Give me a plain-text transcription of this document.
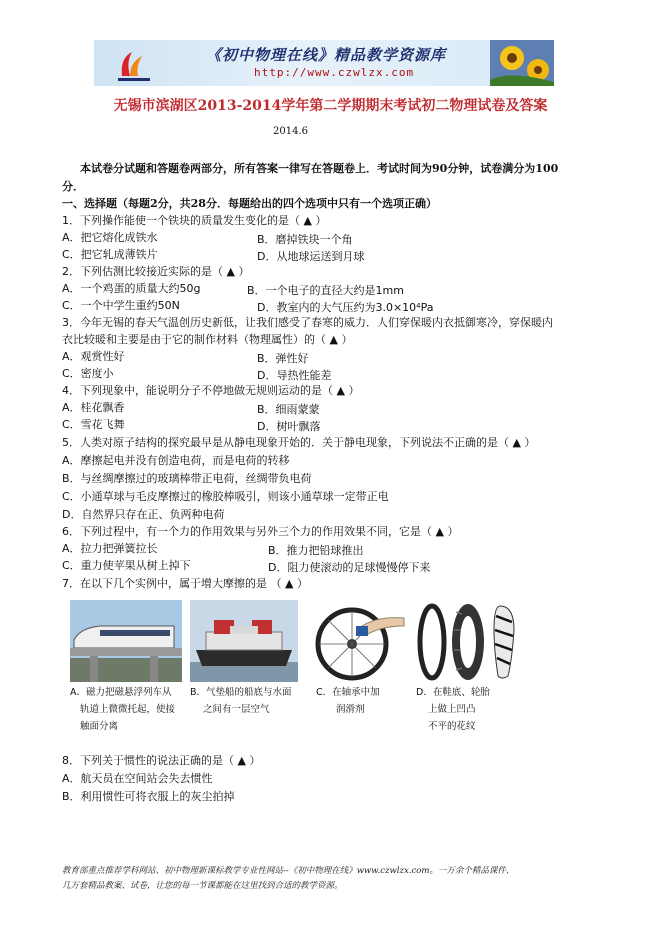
《初中物理在线》精品教学资源库
http://www.czwlzx.com
无锡市滨湖区2013-2014学年第二学期期末考试初二物理试卷及答案
2014.6
本试卷分试题和答题卷两部分，所有答案一律写在答题卷上．考试时间为90分钟，试卷满分为100
分．
一、选择题（每题2分，共28分．每题给出的四个选项中只有一个选项正确）
1．下列操作能使一个铁块的质量发生变化的是（ ▲ ）
A．把它熔化成铁水	B．磨掉铁块一个角
C．把它轧成薄铁片	D．从地球运送到月球
2．下列估测比较接近实际的是（ ▲ ）
A．一个鸡蛋的质量大约50g	B．一个电子的直径大约是1mm
C．一个中学生重约50N	D．教室内的大气压约为3.0×10⁴Pa
3．今年无锡的春天气温创历史新低，让我们感受了春寒的威力．人们穿保暖内衣抵御寒冷，穿保暖内
衣比较暖和主要是由于它的制作材料（物理属性）的（ ▲ ）
A．观赏性好	B．弹性好
C．密度小	D．导热性能差
4．下列现象中，能说明分子不停地做无规则运动的是（ ▲ ）
A．桂花飘香	B．细雨蒙蒙
C．雪花飞舞	D．树叶飘落
5．人类对原子结构的探究最早是从静电现象开始的．关于静电现象，下列说法不正确的是（ ▲ ）
A．摩擦起电并没有创造电荷，而是电荷的转移
B．与丝绸摩擦过的玻璃棒带正电荷，丝绸带负电荷
C．小通草球与毛皮摩擦过的橡胶棒吸引，则该小通草球一定带正电
D．自然界只存在正、负两种电荷
6．下列过程中，有一个力的作用效果与另外三个力的作用效果不同，它是（ ▲ ）
A．拉力把弹簧拉长	B．推力把铅球推出
C．重力使苹果从树上掉下	D．阻力使滚动的足球慢慢停下来
7．在以下几个实例中，属于增大摩擦的是 （ ▲ ）
A．磁力把磁悬浮列车从
轨道上微微托起，使接
触面分离
B．气垫船的船底与水面
之间有一层空气
C．在轴承中加
润滑剂
D．在鞋底、轮胎
上做上凹凸
不平的花纹
8．下列关于惯性的说法正确的是（ ▲ ）
A．航天员在空间站会失去惯性
B．利用惯性可将衣服上的灰尘拍掉
教育部重点推荐学科网站、初中物理新课标教学专业性网站--《初中物理在线》www.czwlzx.com。一万余个精品课件、
几万套精品教案、试卷，让您的每一节课都能在这里找到合适的教学资源。
